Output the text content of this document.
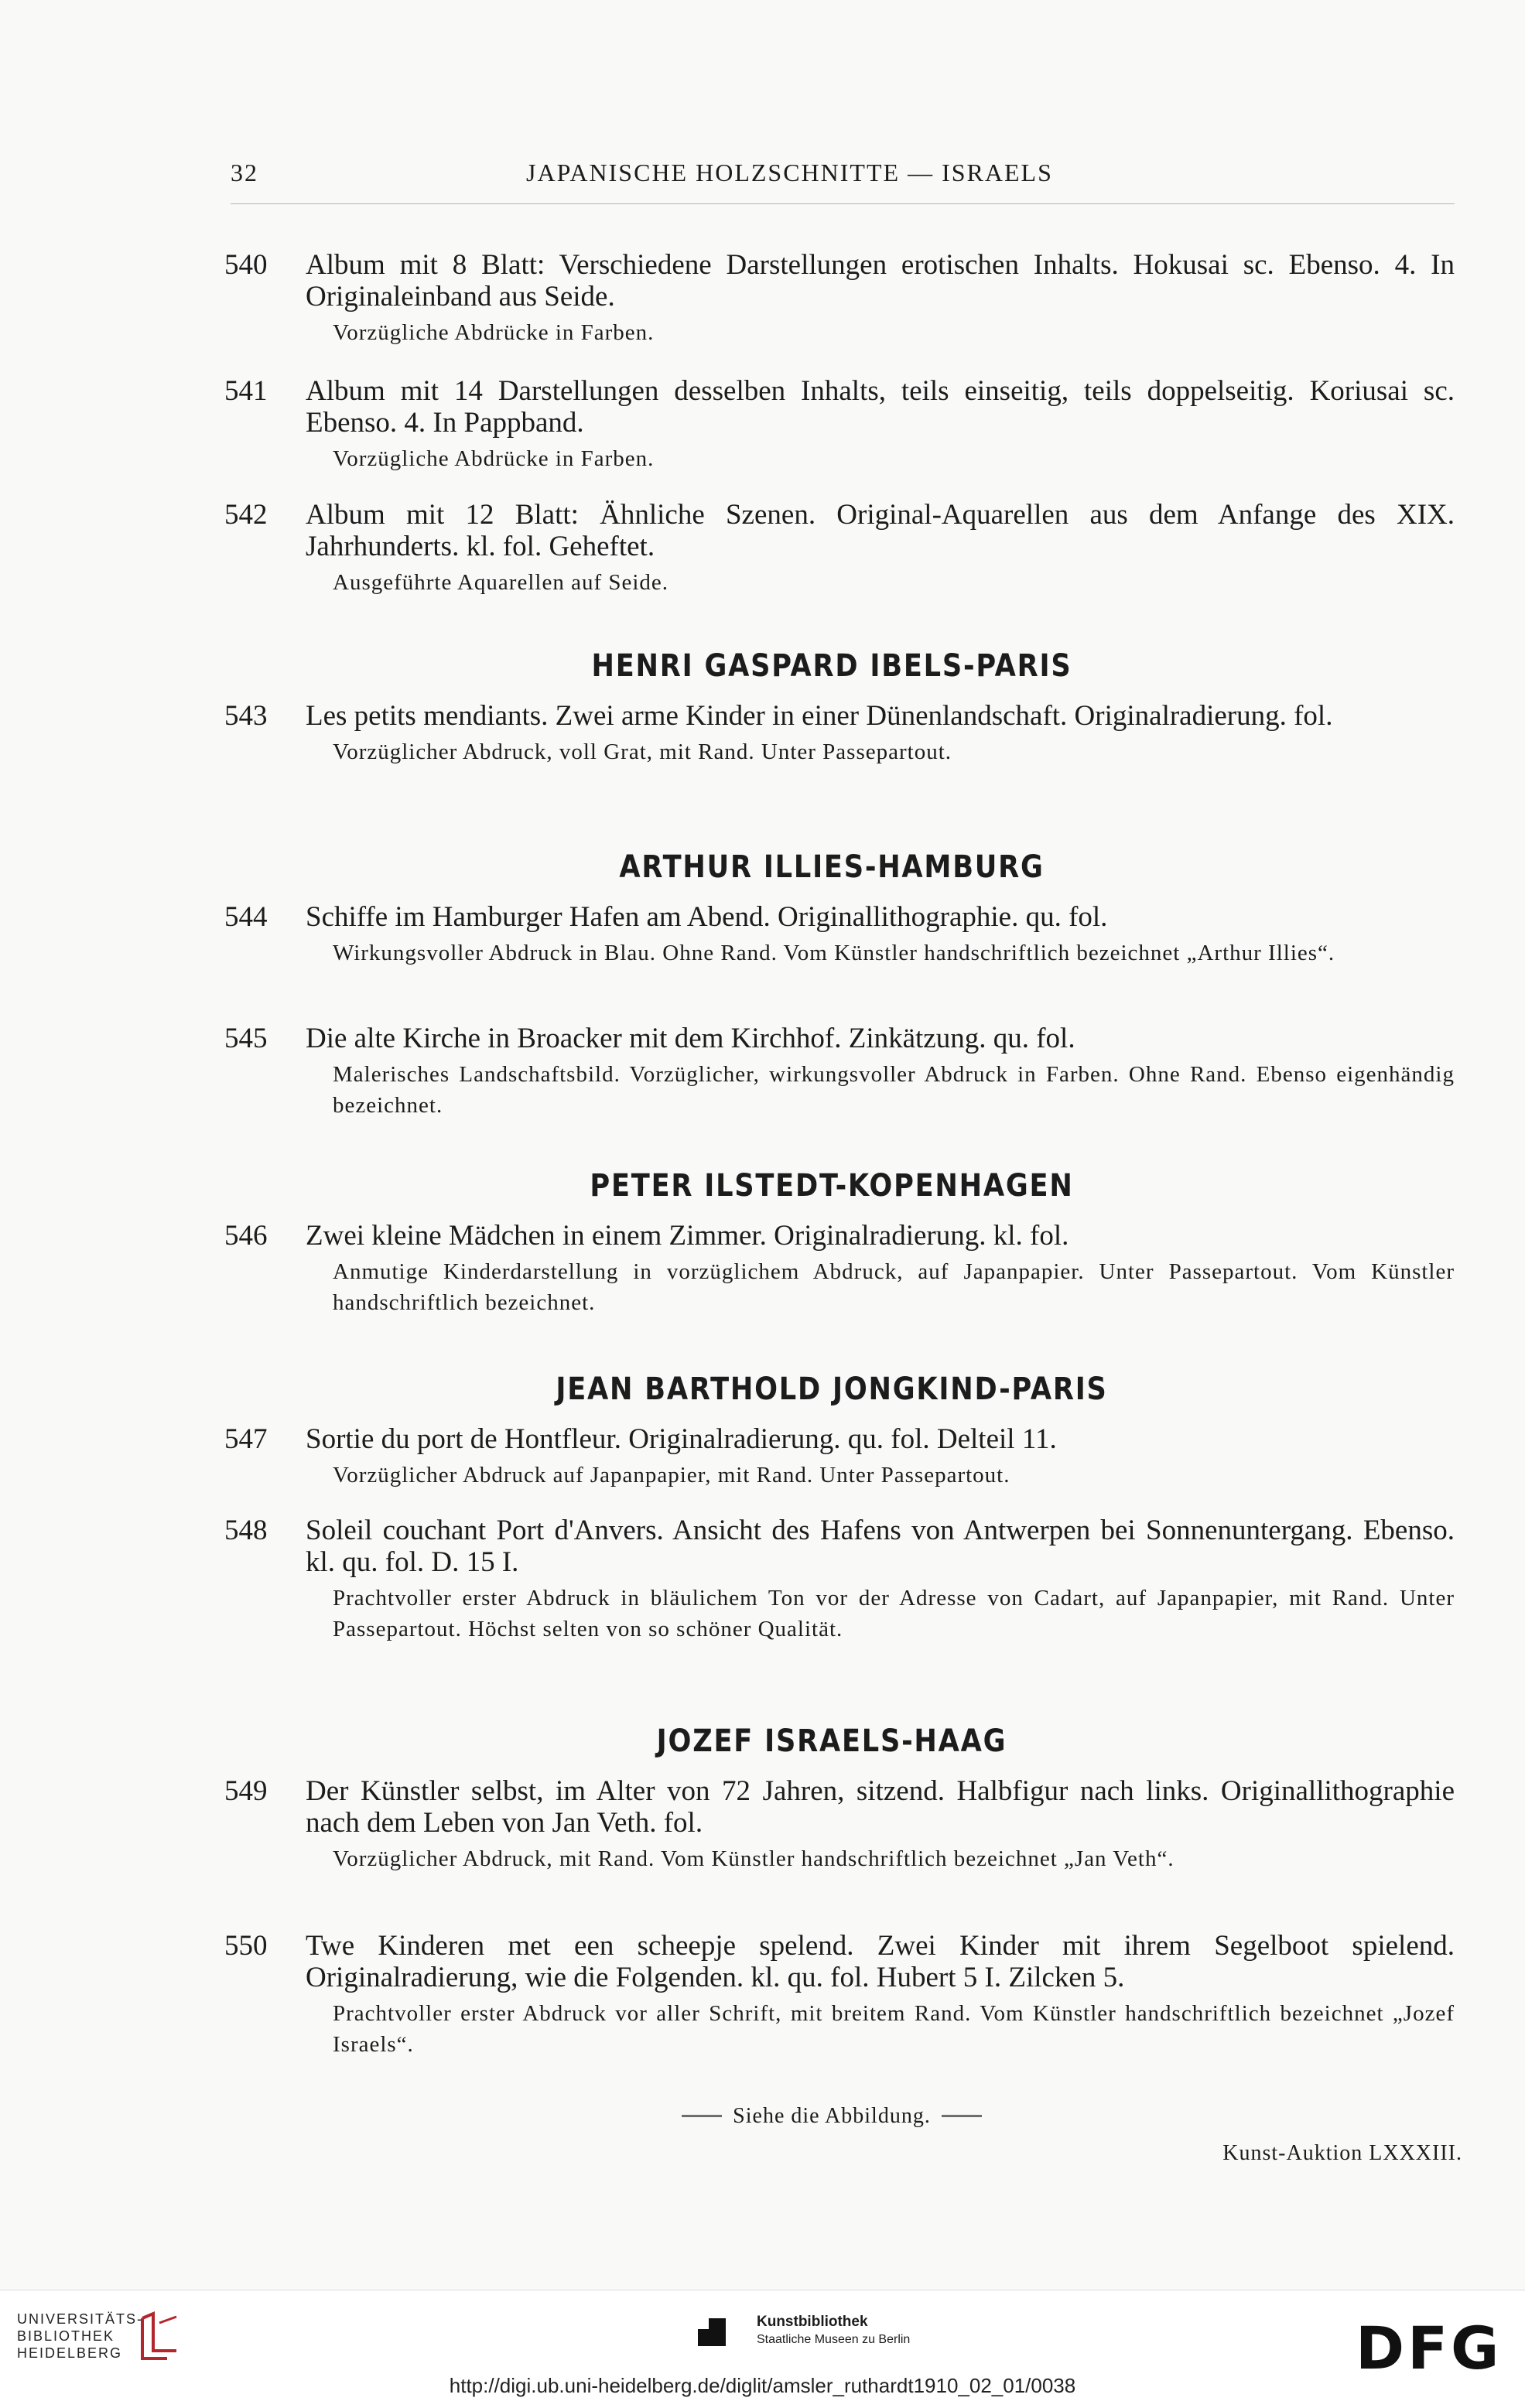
32	JAPANISCHE HOLZSCHNITTE — ISRAELS
540	Album mit 8 Blatt: Verschiedene Darstellungen erotischen Inhalts. Hokusai sc. Ebenso. 4. In Originaleinband aus Seide.
Vorzügliche Abdrücke in Farben.
541	Album mit 14 Darstellungen desselben Inhalts, teils einseitig, teils doppelseitig. Koriusai sc. Ebenso. 4. In Pappband.
Vorzügliche Abdrücke in Farben.
542	Album mit 12 Blatt: Ähnliche Szenen. Original-Aquarellen aus dem Anfange des XIX. Jahrhunderts. kl. fol. Geheftet.
Ausgeführte Aquarellen auf Seide.
HENRI GASPARD IBELS-PARIS
543	Les petits mendiants. Zwei arme Kinder in einer Dünenlandschaft. Originalradierung. fol.
Vorzüglicher Abdruck, voll Grat, mit Rand. Unter Passepartout.
ARTHUR ILLIES-HAMBURG
544	Schiffe im Hamburger Hafen am Abend. Originallithographie. qu. fol.
Wirkungsvoller Abdruck in Blau. Ohne Rand. Vom Künstler handschriftlich bezeichnet „Arthur Illies“.
545	Die alte Kirche in Broacker mit dem Kirchhof. Zinkätzung. qu. fol.
Malerisches Landschaftsbild. Vorzüglicher, wirkungsvoller Abdruck in Farben. Ohne Rand. Ebenso eigenhändig bezeichnet.
PETER ILSTEDT-KOPENHAGEN
546	Zwei kleine Mädchen in einem Zimmer. Originalradierung. kl. fol.
Anmutige Kinderdarstellung in vorzüglichem Abdruck, auf Japanpapier. Unter Passepartout. Vom Künstler handschriftlich bezeichnet.
JEAN BARTHOLD JONGKIND-PARIS
547	Sortie du port de Hontfleur. Originalradierung. qu. fol. Delteil 11.
Vorzüglicher Abdruck auf Japanpapier, mit Rand. Unter Passepartout.
548	Soleil couchant Port d'Anvers. Ansicht des Hafens von Antwerpen bei Sonnenuntergang. Ebenso. kl. qu. fol. D. 15 I.
Prachtvoller erster Abdruck in bläulichem Ton vor der Adresse von Cadart, auf Japanpapier, mit Rand. Unter Passepartout. Höchst selten von so schöner Qualität.
JOZEF ISRAELS-HAAG
549	Der Künstler selbst, im Alter von 72 Jahren, sitzend. Halbfigur nach links. Originallithographie nach dem Leben von Jan Veth. fol.
Vorzüglicher Abdruck, mit Rand. Vom Künstler handschriftlich bezeichnet „Jan Veth“.
550	Twe Kinderen met een scheepje spelend. Zwei Kinder mit ihrem Segelboot spielend. Originalradierung, wie die Folgenden. kl. qu. fol. Hubert 5 I. Zilcken 5.
Prachtvoller erster Abdruck vor aller Schrift, mit breitem Rand. Vom Künstler handschriftlich bezeichnet „Jozef Israels“.
Siehe die Abbildung.
Kunst-Auktion LXXXIII.
UNIVERSITÄTS-
BIBLIOTHEK
HEIDELBERG
Kunstbibliothek
Staatliche Museen zu Berlin	DFG
http://digi.ub.uni-heidelberg.de/diglit/amsler_ruthardt1910_02_01/0038
